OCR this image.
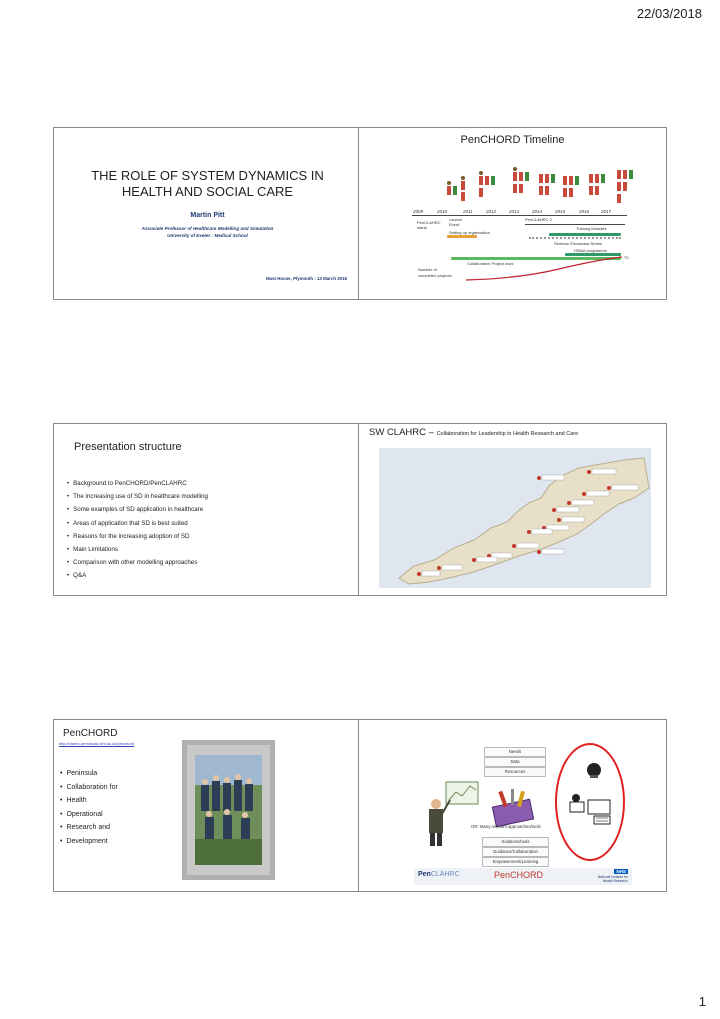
22/03/2018
THE ROLE OF SYSTEM DYNAMICS IN
HEALTH AND SOCIAL CARE
Martin Pitt
Associate Professor of Healthcare Modelling and Simulation
University of Exeter : Medical School
Mast House, Plymouth : 13 March 2018
PenCHORD Timeline
2009	2010	2011	2012	2013	2014	2015	2016	2017
PenCLAHRC
starts
Launch
Event
PenCLAHRC 2
Setting up organisation
Training Modules
Seminar /Showcase Series
HSMA programme
Collaborative Project work
70
Number of
completed projects
Presentation structure
• Background to PenCHORD/PenCLAHRC
• The increasing use of SD in healthcare modelling
• Some examples of SD application in healthcare
• Areas of application that SD is best suited
• Reasons for the increasing adoption of SD
• Main Limitations
• Comparison with other modelling approaches
• Q&A
SW CLAHRC – Collaboration for Leadership in Health Research and Care
PenCHORD
http://clahrc-peninsula.nihr.ac.uk/penchord
• Peninsula
• Collaboration for
• Health
• Operational
• Research and
• Development
Needs
Data
Resources
OR: Many relevant approaches/tools
Solutions/tools
Guidance/Collaboration
Empowerment/Learning
PenCLAHRC	PenCHORD	NHS
National Institute for
Health Research
1
